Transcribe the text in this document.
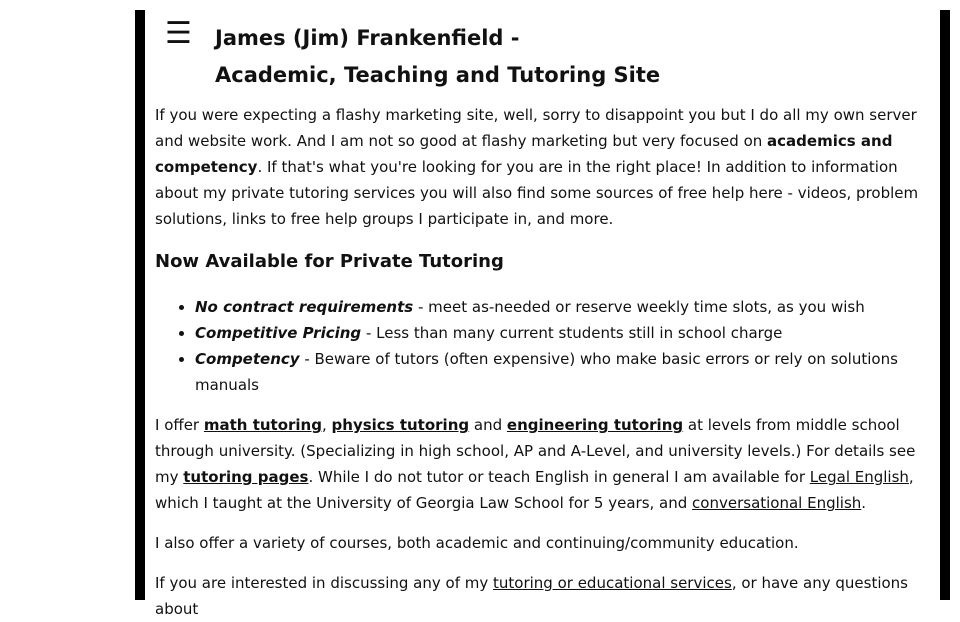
☰ James (Jim) Frankenfield -
Academic, Teaching and Tutoring Site

If you were expecting a flashy marketing site, well, sorry to disappoint you but I do all my own server and website work. And I am not so good at flashy marketing but very focused on academics and competency. If that's what you're looking for you are in the right place! In addition to information about my private tutoring services you will also find some sources of free help here - videos, problem solutions, links to free help groups I participate in, and more.

Now Available for Private Tutoring
• No contract requirements - meet as-needed or reserve weekly time slots, as you wish
• Competitive Pricing - Less than many current students still in school charge
• Competency - Beware of tutors (often expensive) who make basic errors or rely on solutions manuals

I offer math tutoring, physics tutoring and engineering tutoring at levels from middle school through university. (Specializing in high school, AP and A-Level, and university levels.) For details see my tutoring pages. While I do not tutor or teach English in general I am available for Legal English, which I taught at the University of Georgia Law School for 5 years, and conversational English.

I also offer a variety of courses, both academic and continuing/community education.

If you are interested in discussing any of my tutoring or educational services, or have any questions about
